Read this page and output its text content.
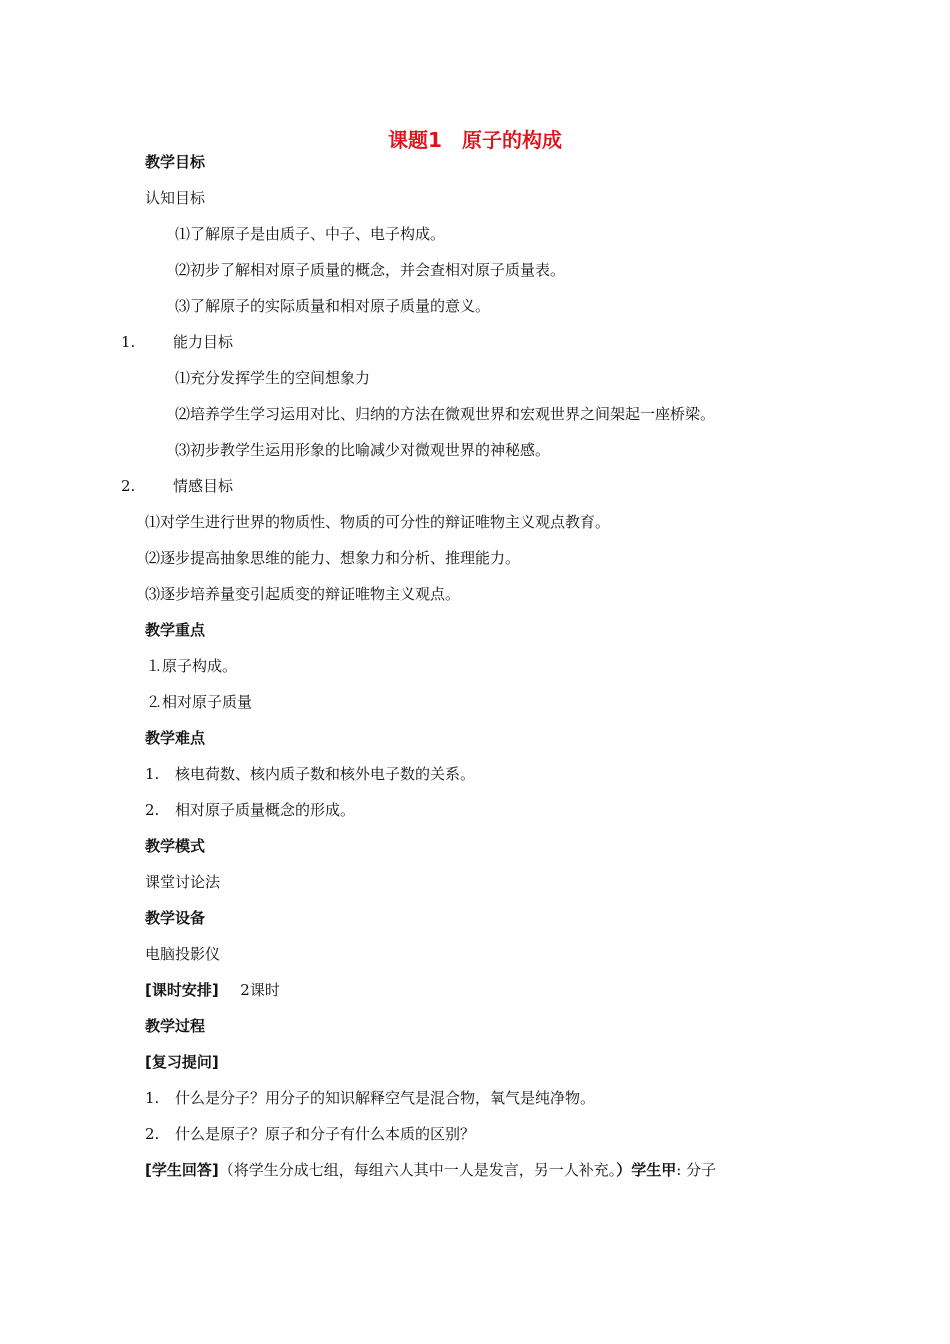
课题1　原子的构成
教学目标
认知目标
⑴了解原子是由质子、中子、电子构成。
⑵初步了解相对原子质量的概念，并会查相对原子质量表。
⑶了解原子的实际质量和相对原子质量的意义。
1.	能力目标
⑴充分发挥学生的空间想象力
⑵培养学生学习运用对比、归纳的方法在微观世界和宏观世界之间架起一座桥梁。
⑶初步教学生运用形象的比喻减少对微观世界的神秘感。
2.	情感目标
⑴对学生进行世界的物质性、物质的可分性的辩证唯物主义观点教育。
⑵逐步提高抽象思维的能力、想象力和分析、推理能力。
⑶逐步培养量变引起质变的辩证唯物主义观点。
教学重点
⒈原子构成。
⒉相对原子质量
教学难点
1. 核电荷数、核内质子数和核外电子数的关系。
2. 相对原子质量概念的形成。
教学模式
课堂讨论法
教学设备
电脑投影仪
[课时安排] 2课时
教学过程
[复习提问]
1. 什么是分子？用分子的知识解释空气是混合物，氧气是纯净物。
2. 什么是原子？原子和分子有什么本质的区别？
[学生回答]（将学生分成七组，每组六人其中一人是发言，另一人补充。）学生甲: 分子
